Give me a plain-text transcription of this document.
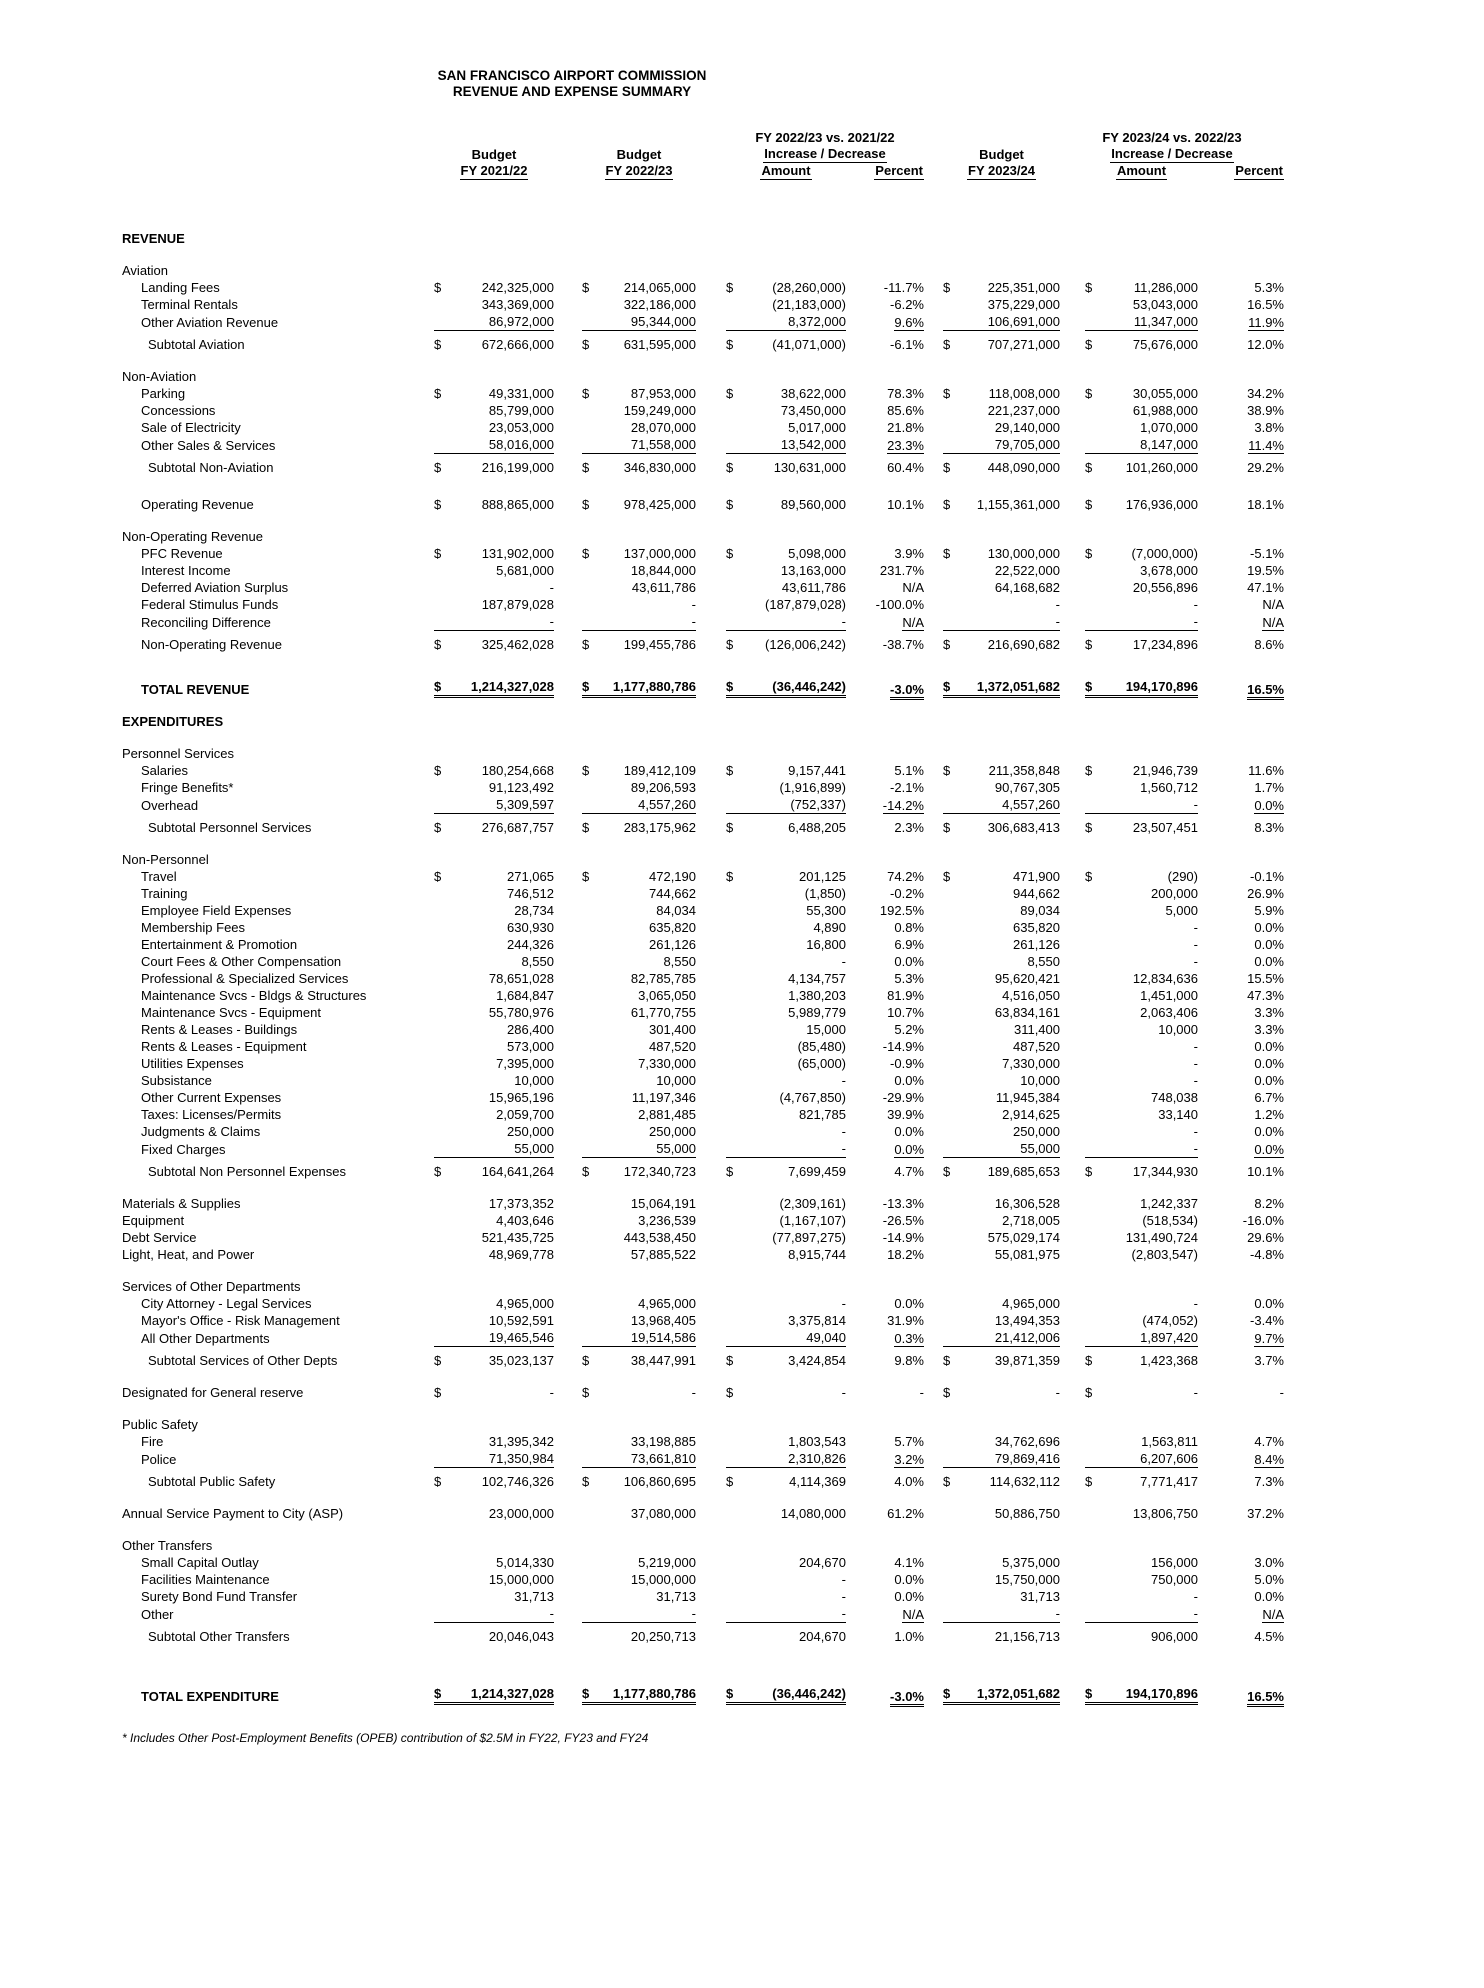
SAN FRANCISCO AIRPORT COMMISSION
REVENUE AND EXPENSE SUMMARY
			FY 2022/23 vs. 2021/22			FY 2023/24 vs. 2022/23	
	Budget	Budget	Increase / Decrease		Budget	Increase / Decrease	
	FY 2021/22	FY 2022/23	Amount	Percent	FY 2023/24	Amount	Percent
REVENUE							

Aviation							
Landing Fees	$ 242,325,000	$ 214,065,000	$ (28,260,000)	-11.7%	$ 225,351,000	$ 11,286,000	5.3%
Terminal Rentals	343,369,000	322,186,000	(21,183,000)	-6.2%	375,229,000	53,043,000	16.5%
Other Aviation Revenue	86,972,000	95,344,000	8,372,000	9.6%	106,691,000	11,347,000	11.9%
Subtotal Aviation	$ 672,666,000	$ 631,595,000	$ (41,071,000)	-6.1%	$ 707,271,000	$ 75,676,000	12.0%

Non-Aviation							
Parking	$ 49,331,000	$ 87,953,000	$ 38,622,000	78.3%	$ 118,008,000	$ 30,055,000	34.2%
Concessions	85,799,000	159,249,000	73,450,000	85.6%	221,237,000	61,988,000	38.9%
Sale of Electricity	23,053,000	28,070,000	5,017,000	21.8%	29,140,000	1,070,000	3.8%
Other Sales & Services	58,016,000	71,558,000	13,542,000	23.3%	79,705,000	8,147,000	11.4%
Subtotal Non-Aviation	$ 216,199,000	$ 346,830,000	$ 130,631,000	60.4%	$ 448,090,000	$ 101,260,000	29.2%

Operating Revenue	$ 888,865,000	$ 978,425,000	$ 89,560,000	10.1%	$ 1,155,361,000	$ 176,936,000	18.1%

Non-Operating Revenue							
PFC Revenue	$ 131,902,000	$ 137,000,000	$ 5,098,000	3.9%	$ 130,000,000	$ (7,000,000)	-5.1%
Interest Income	5,681,000	18,844,000	13,163,000	231.7%	22,522,000	3,678,000	19.5%
Deferred Aviation Surplus	-	43,611,786	43,611,786	N/A	64,168,682	20,556,896	47.1%
Federal Stimulus Funds	187,879,028	-	(187,879,028)	-100.0%	-	-	N/A
Reconciling Difference	-	-	-	N/A	-	-	N/A
Non-Operating Revenue	$ 325,462,028	$ 199,455,786	$ (126,006,242)	-38.7%	$ 216,690,682	$ 17,234,896	8.6%

TOTAL REVENUE	$ 1,214,327,028	$ 1,177,880,786	$ (36,446,242)	-3.0%	$ 1,372,051,682	$ 194,170,896	16.5%

EXPENDITURES							

Personnel Services							
Salaries	$ 180,254,668	$ 189,412,109	$ 9,157,441	5.1%	$ 211,358,848	$ 21,946,739	11.6%
Fringe Benefits*	91,123,492	89,206,593	(1,916,899)	-2.1%	90,767,305	1,560,712	1.7%
Overhead	5,309,597	4,557,260	(752,337)	-14.2%	4,557,260	-	0.0%
Subtotal Personnel Services	$ 276,687,757	$ 283,175,962	$ 6,488,205	2.3%	$ 306,683,413	$ 23,507,451	8.3%

Non-Personnel							
Travel	$ 271,065	$ 472,190	$ 201,125	74.2%	$ 471,900	$ (290)	-0.1%
Training	746,512	744,662	(1,850)	-0.2%	944,662	200,000	26.9%
Employee Field Expenses	28,734	84,034	55,300	192.5%	89,034	5,000	5.9%
Membership Fees	630,930	635,820	4,890	0.8%	635,820	-	0.0%
Entertainment & Promotion	244,326	261,126	16,800	6.9%	261,126	-	0.0%
Court Fees & Other Compensation	8,550	8,550	-	0.0%	8,550	-	0.0%
Professional & Specialized Services	78,651,028	82,785,785	4,134,757	5.3%	95,620,421	12,834,636	15.5%
Maintenance Svcs - Bldgs & Structures	1,684,847	3,065,050	1,380,203	81.9%	4,516,050	1,451,000	47.3%
Maintenance Svcs - Equipment	55,780,976	61,770,755	5,989,779	10.7%	63,834,161	2,063,406	3.3%
Rents & Leases - Buildings	286,400	301,400	15,000	5.2%	311,400	10,000	3.3%
Rents & Leases - Equipment	573,000	487,520	(85,480)	-14.9%	487,520	-	0.0%
Utilities Expenses	7,395,000	7,330,000	(65,000)	-0.9%	7,330,000	-	0.0%
Subsistance	10,000	10,000	-	0.0%	10,000	-	0.0%
Other Current Expenses	15,965,196	11,197,346	(4,767,850)	-29.9%	11,945,384	748,038	6.7%
Taxes: Licenses/Permits	2,059,700	2,881,485	821,785	39.9%	2,914,625	33,140	1.2%
Judgments & Claims	250,000	250,000	-	0.0%	250,000	-	0.0%
Fixed Charges	55,000	55,000	-	0.0%	55,000	-	0.0%
Subtotal Non Personnel Expenses	$ 164,641,264	$ 172,340,723	$ 7,699,459	4.7%	$ 189,685,653	$ 17,344,930	10.1%

Materials & Supplies	17,373,352	15,064,191	(2,309,161)	-13.3%	16,306,528	1,242,337	8.2%
Equipment	4,403,646	3,236,539	(1,167,107)	-26.5%	2,718,005	(518,534)	-16.0%
Debt Service	521,435,725	443,538,450	(77,897,275)	-14.9%	575,029,174	131,490,724	29.6%
Light, Heat, and Power	48,969,778	57,885,522	8,915,744	18.2%	55,081,975	(2,803,547)	-4.8%

Services of Other Departments							
City Attorney - Legal Services	4,965,000	4,965,000	-	0.0%	4,965,000	-	0.0%
Mayor's Office - Risk Management	10,592,591	13,968,405	3,375,814	31.9%	13,494,353	(474,052)	-3.4%
All Other Departments	19,465,546	19,514,586	49,040	0.3%	21,412,006	1,897,420	9.7%
Subtotal Services of Other Depts	$ 35,023,137	$ 38,447,991	$ 3,424,854	9.8%	$ 39,871,359	$ 1,423,368	3.7%

Designated for General reserve	$ -	$ -	$ -	-	$ -	$ -	-

Public Safety							
Fire	31,395,342	33,198,885	1,803,543	5.7%	34,762,696	1,563,811	4.7%
Police	71,350,984	73,661,810	2,310,826	3.2%	79,869,416	6,207,606	8.4%
Subtotal Public Safety	$ 102,746,326	$ 106,860,695	$ 4,114,369	4.0%	$ 114,632,112	$ 7,771,417	7.3%

Annual Service Payment to City (ASP)	23,000,000	37,080,000	14,080,000	61.2%	50,886,750	13,806,750	37.2%

Other Transfers							
Small Capital Outlay	5,014,330	5,219,000	204,670	4.1%	5,375,000	156,000	3.0%
Facilities Maintenance	15,000,000	15,000,000	-	0.0%	15,750,000	750,000	5.0%
Surety Bond Fund Transfer	31,713	31,713	-	0.0%	31,713	-	0.0%
Other	-	-	-	N/A	-	-	N/A
Subtotal Other Transfers	20,046,043	20,250,713	204,670	1.0%	21,156,713	906,000	4.5%

TOTAL EXPENDITURE	$ 1,214,327,028	$ 1,177,880,786	$ (36,446,242)	-3.0%	$ 1,372,051,682	$ 194,170,896	16.5%
* Includes Other Post-Employment Benefits (OPEB) contribution of $2.5M in FY22, FY23 and FY24
